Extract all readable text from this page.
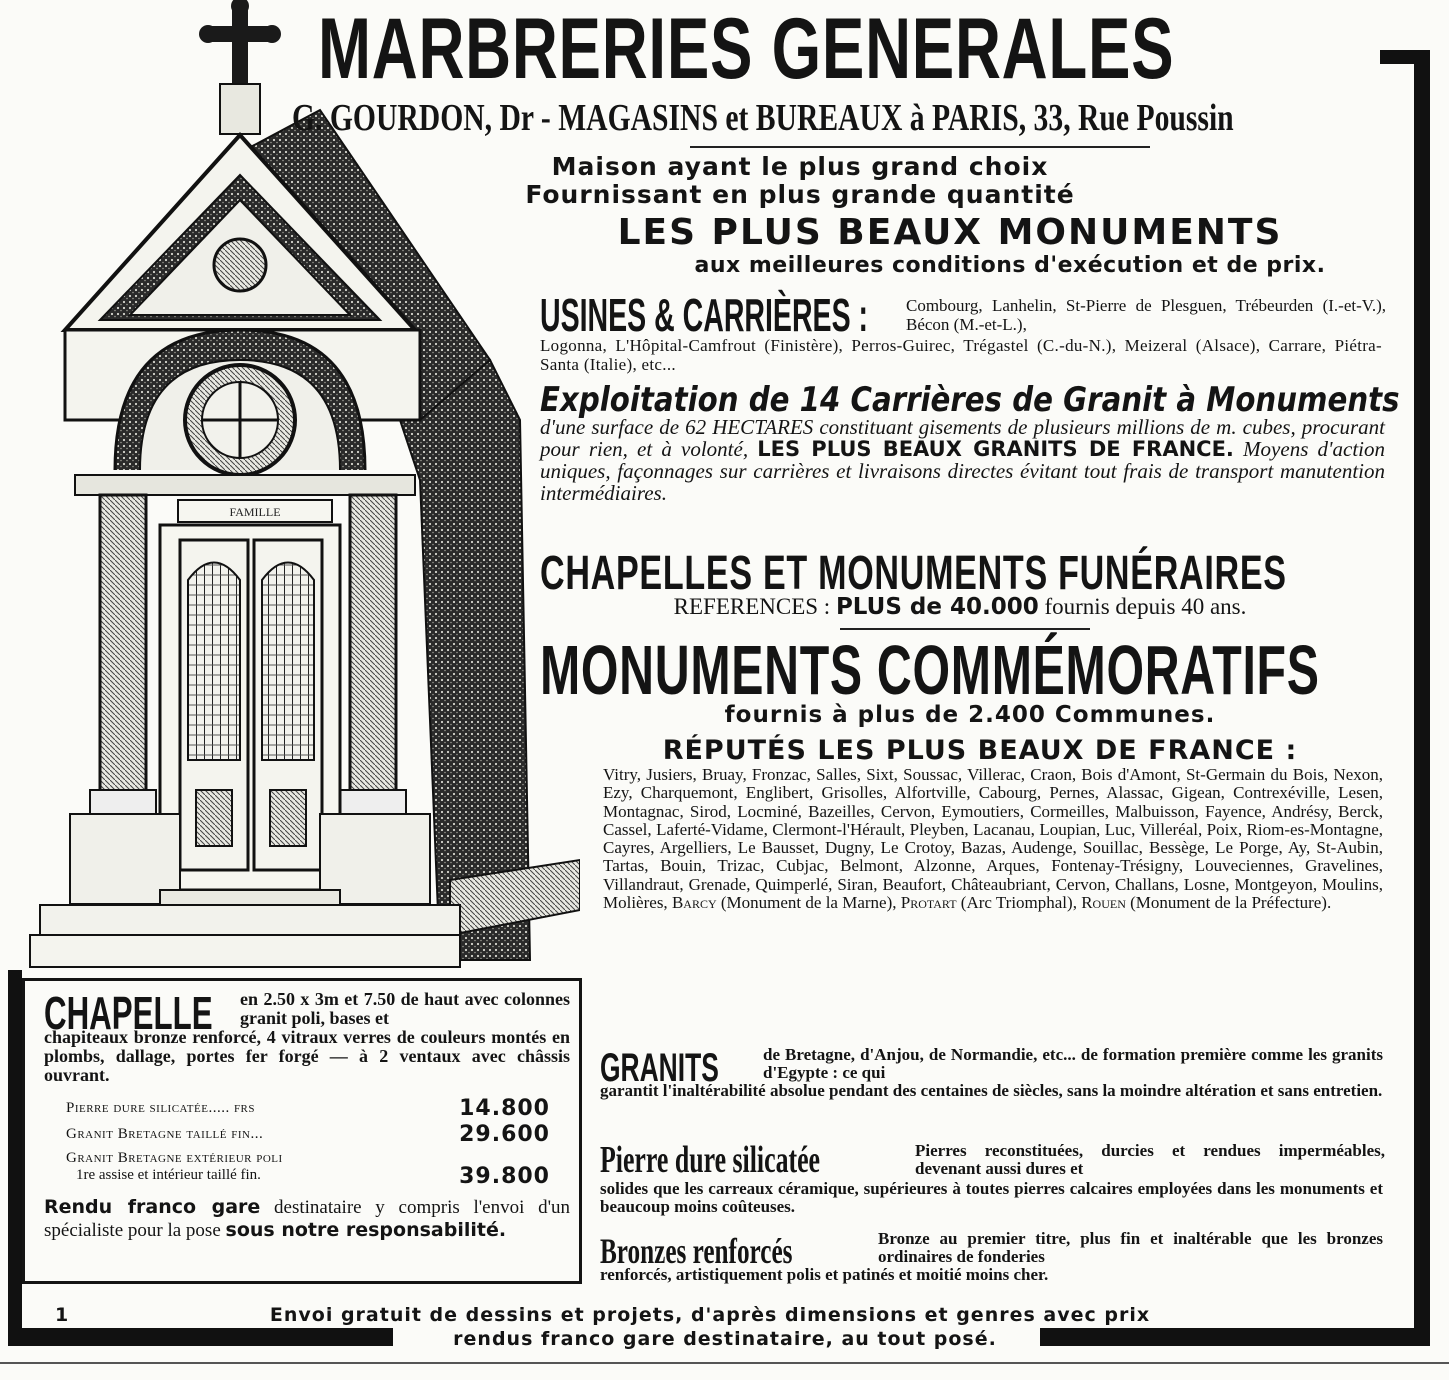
FAMILLE
MARBRERIES GENERALES
G. GOURDON, Dr - MAGASINS et BUREAUX à PARIS, 33, Rue Poussin
Maison ayant le plus grand choix
Fournissant en plus grande quantité
LES PLUS BEAUX MONUMENTS
aux meilleures conditions d'exécution et de prix.
USINES & CARRIÈRES : Combourg, Lanhelin, St-Pierre de Plesguen, Trébeurden (I.-et-V.), Bécon (M.-et-L.),
Logonna, L'Hôpital-Camfrout (Finistère), Perros-Guirec, Trégastel (C.-du-N.), Meizeral (Alsace), Carrare, Piétra-Santa (Italie), etc...
Exploitation de 14 Carrières de Granit à Monuments
d'une surface de 62 HECTARES constituant gisements de plusieurs millions de m. cubes, procurant pour rien, et à volonté, LES PLUS BEAUX GRANITS DE FRANCE. Moyens d'action uniques, façonnages sur carrières et livraisons directes évitant tout frais de transport manutention intermédiaires.
CHAPELLES ET MONUMENTS FUNÉRAIRES
REFERENCES : PLUS de 40.000 fournis depuis 40 ans.
MONUMENTS COMMÉMORATIFS
fournis à plus de 2.400 Communes.
RÉPUTÉS LES PLUS BEAUX DE FRANCE :
Vitry, Jusiers, Bruay, Fronzac, Salles, Sixt, Soussac, Villerac, Craon, Bois d'Amont, St-Germain du Bois, Nexon, Ezy, Charquemont, Englibert, Grisolles, Alfortville, Cabourg, Pernes, Alassac, Gigean, Contrexéville, Lesen, Montagnac, Sirod, Locminé, Bazeilles, Cervon, Eymoutiers, Cormeilles, Malbuisson, Fayence, Andrésy, Berck, Cassel, Laferté-Vidame, Clermont-l'Hérault, Pleyben, Lacanau, Loupian, Luc, Villeréal, Poix, Riom-es-Montagne, Cayres, Argelliers, Le Bausset, Dugny, Le Crotoy, Bazas, Audenge, Souillac, Bessège, Le Porge, Ay, St-Aubin, Tartas, Bouin, Trizac, Cubjac, Belmont, Alzonne, Arques, Fontenay-Trésigny, Louveciennes, Gravelines, Villandraut, Grenade, Quimperlé, Siran, Beaufort, Châteaubriant, Cervon, Challans, Losne, Montgeyon, Moulins, Molières, Barcy (Monument de la Marne), Protart (Arc Triomphal), Rouen (Monument de la Préfecture).
GRANITS	de Bretagne, d'Anjou, de Normandie, etc... de formation première comme les granits d'Egypte : ce qui
garantit l'inaltérabilité absolue pendant des centaines de siècles, sans la moindre altération et sans entretien.
Pierre dure silicatée	Pierres reconstituées, durcies et rendues imperméables, devenant aussi dures et
solides que les carreaux céramique, supérieures à toutes pierres calcaires employées dans les monuments et beaucoup moins coûteuses.
Bronzes renforcés	Bronze au premier titre, plus fin et inaltérable que les bronzes ordinaires de fonderies
renforcés, artistiquement polis et patinés et moitié moins cher.
CHAPELLE en 2.50 x 3m et 7.50 de haut avec colonnes granit poli, bases et
chapiteaux bronze renforcé, 4 vitraux verres de couleurs montés en plombs, dallage, portes fer forgé — à 2 ventaux avec châssis ouvrant.
Pierre dure silicatée..... frs	14.800
Granit Bretagne taillé fin...	29.600
Granit Bretagne extérieur poli
1re assise et intérieur taillé fin.	39.800
Rendu franco gare destinataire y compris l'envoi d'un spécialiste pour la pose sous notre responsabilité.
1	Envoi gratuit de dessins et projets, d'après dimensions et genres avec prix
rendus franco gare destinataire, au tout posé.
